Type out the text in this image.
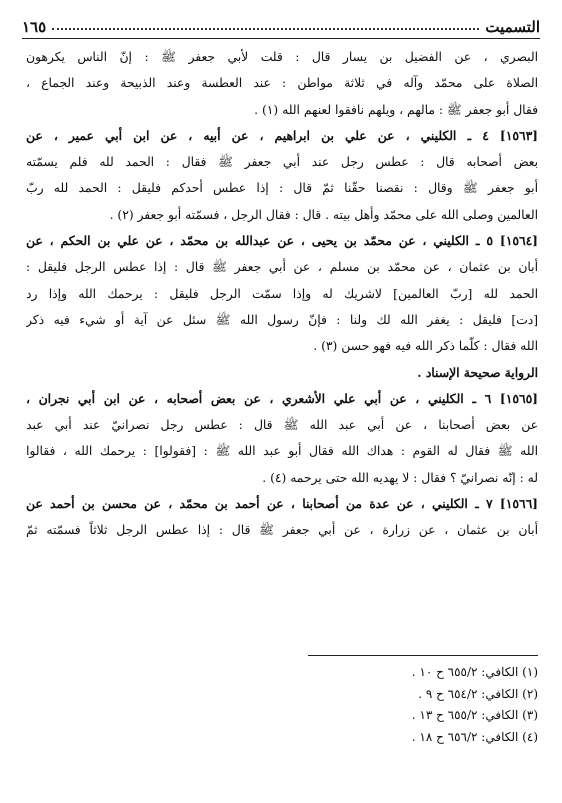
التسميت
١٦٥
البصري ، عن الفضيل بن يسار قال : قلت لأبي جعفر ﷺ : إنّ الناس يكرهون
الصلاة على محمّد وآله في ثلاثة مواطن : عند العطسة وعند الذبيحة وعند الجماع ،
فقال أبو جعفر ﷺ : مالهم ، ويلهم نافقوا لعنهم الله (١) .
[١٥٦٣] ٤ ـ الكليني ، عن علي بن ابراهيم ، عن أبيه ، عن ابن أبي عمير ، عن
بعض أصحابه قال : عطس رجل عند أبي جعفر ﷺ فقال : الحمد لله فلم يسمّته
أبو جعفر ﷺ وقال : نقصنا حقّنا ثمّ قال : إذا عطس أحدكم فليقل : الحمد لله ربّ
العالمين وصلى الله على محمّد وأهل بيته . قال : فقال الرجل ، فسمّته أبو جعفر (٢) .
[١٥٦٤] ٥ ـ الكليني ، عن محمّد بن يحيى ، عن عبدالله بن محمّد ، عن علي بن الحكم ، عن
أبان بن عثمان ، عن محمّد بن مسلم ، عن أبي جعفر ﷺ قال : إذا عطس الرجل فليقل :
الحمد لله [ربّ العالمين] لاشريك له وإذا سمّت الرجل فليقل : يرحمك الله وإذا رد
[دت] فليقل : يغفر الله لك ولنا : فإنّ رسول الله ﷺ سئل عن آية أو شيء فيه ذكر
الله فقال : كلّما ذكر الله فيه فهو حسن (٣) .
الرواية صحيحة الإسناد .
[١٥٦٥] ٦ ـ الكليني ، عن أبي علي الأشعري ، عن بعض أصحابه ، عن ابن أبي نجران ،
عن بعض أصحابنا ، عن أبي عبد الله ﷺ قال : عطس رجل نصرانيّ عند أبي عبد
الله ﷺ فقال له القوم : هداك الله فقال أبو عبد الله ﷺ : [فقولوا] : يرحمك الله ، فقالوا
له : إنّه نصرانيّ ؟ فقال : لا يهديه الله حتى يرحمه (٤) .
[١٥٦٦] ٧ ـ الكليني ، عن عدة من أصحابنا ، عن أحمد بن محمّد ، عن محسن بن أحمد عن
أبان بن عثمان ، عن زرارة ، عن أبي جعفر ﷺ قال : إذا عطس الرجل ثلاثاً فسمّته ثمّ
(١) الكافي: ٦٥٥/٢ ح ١٠ .
(٢) الكافي: ٦٥٤/٢ ح ٩ .
(٣) الكافي: ٦٥٥/٢ ح ١٣ .
(٤) الكافي: ٦٥٦/٢ ح ١٨ .
